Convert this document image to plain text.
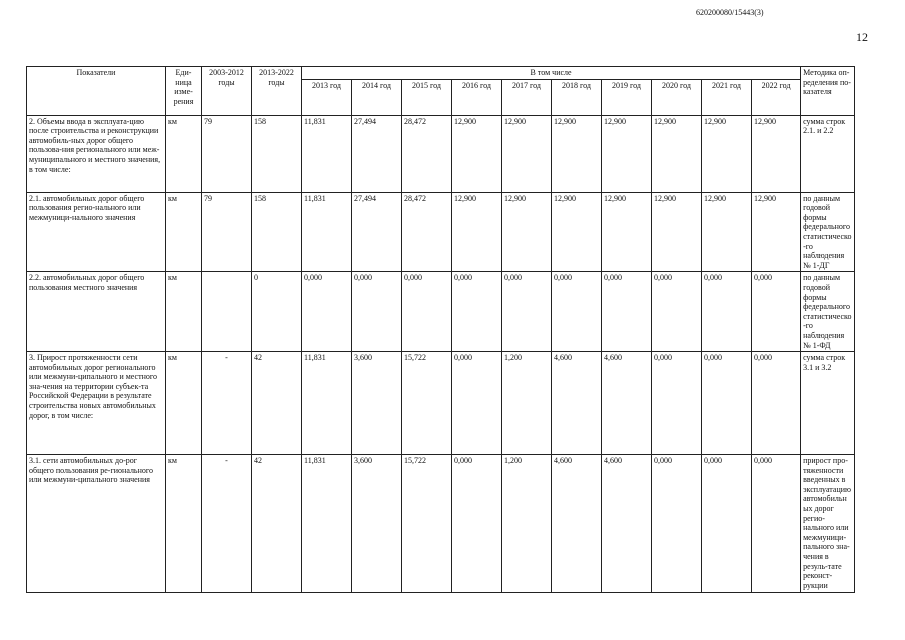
620200080/15443(3)
12
Показатели	Еди-ница изме-рения	2003-2012 годы	2013-2022 годы	В том числе										Методика оп-ределения по-казателя
				2013 год	2014 год	2015 год	2016 год	2017 год	2018 год	2019 год	2020 год	2021 год	2022 год	
2. Объемы ввода в эксплуата-цию после строительства и реконструкции автомобиль-ных дорог общего пользова-ния регионального или меж-муниципального и местного значения, в том числе:	км	79	158	11,831	27,494	28,472	12,900	12,900	12,900	12,900	12,900	12,900	12,900	сумма строк 2.1. и 2.2
2.1. автомобильных дорог общего пользования регио-нального или межмуници-нального значения	км	79	158	11,831	27,494	28,472	12,900	12,900	12,900	12,900	12,900	12,900	12,900	по данным годовой формы федерального статистическо-го наблюдения № 1-ДГ
2.2. автомобильных дорог общего пользования местного значения	км		0	0,000	0,000	0,000	0,000	0,000	0,000	0,000	0,000	0,000	0,000	по данным годовой формы федерального статистическо-го наблюдения № 1-ФД
3. Прирост протяженности сети автомобильных дорог регионального или межмуни-ципального и местного зна-чения на территории субъек-та Российской Федерации в результате строительства новых автомобильных дорог, в том числе:	км	-	42	11,831	3,600	15,722	0,000	1,200	4,600	4,600	0,000	0,000	0,000	сумма строк 3.1 и 3.2
3.1. сети автомобильных до-рог общего пользования ре-гионального или межмуни-ципального значения	км	-	42	11,831	3,600	15,722	0,000	1,200	4,600	4,600	0,000	0,000	0,000	прирост про-тяженности введенных в эксплуатацию автомобильных дорог регио-нального или межмуници-пального зна-чения в резуль-тате реконст-рукции
